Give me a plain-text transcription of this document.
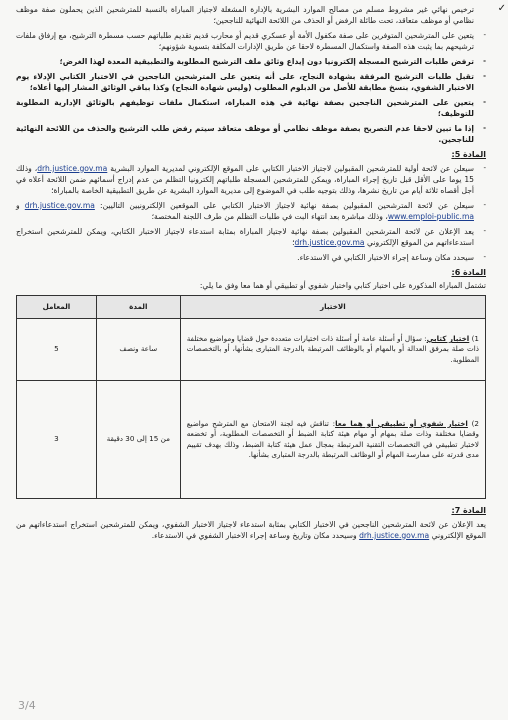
✓

ترخيص نهائي غير مشروط مسلم من مصالح الموارد البشرية بالإدارة المشغلة لاجتياز المباراة بالنسبة للمترشحين الذين يحملون صفة موظف نظامي أو موظف متعاقد، تحت طائلة الرفض أو الحذف من اللائحة النهائية للناجحين؛

-
يتعين على المترشحين المتوفرين على صفة مكفول الأمة أو عسكري قديم أو محارب قديم تقديم طلباتهم حسب مسطرة الترشيح، مع إرفاق ملفات ترشيحهم بما يثبت هذه الصفة واستكمال المسطرة لاحقا عن طريق الإدارات المكلفة بتسوية شؤونهم؛
-
ترفض طلبات الترشيح المسجلة إلكترونيا دون إيداع وثائق ملف الترشيح المطلوبة والتطبيقية المعدة لهذا الغرض؛
-
تقبل طلبات الترشيح المرفقة بشهادة النجاح، على أنه يتعين على المترشحين الناجحين في الاختبار الكتابي الإدلاء يوم الاختبار الشفوي، بنسخ مطابقة للأصل من الدبلوم المطلوب (وليس شهادة النجاح) وكذا بباقي الوثائق المشار إليها أعلاه؛
-
يتعين على المترشحين الناجحين بصفة نهائية في هذه المباراة، استكمال ملفات توظيفهم بالوثائق الإدارية المطلوبة للتوظيف؛
-
إذا ما تبين لاحقا عدم التصريح بصفة موظف نظامي أو موظف متعاقد سيتم رفض طلب الترشيح والحذف من اللائحة النهائية للناجحين.
المادة 5:
-
سيعلن عن لائحة أولية للمترشحين المقبولين لاجتياز الاختبار الكتابي على الموقع الإلكتروني لمديرية الموارد البشرية drh.justice.gov.ma، وذلك 15 يوما على الأقل قبل تاريخ إجراء المباراة، ويمكن للمترشحين المسجلة طلباتهم إلكترونيا التظلم من عدم إدراج أسمائهم ضمن اللائحة أعلاه في أجل أقصاه ثلاثة أيام من تاريخ نشرها، وذلك بتوجيه طلب في الموضوع إلى مديرية الموارد البشرية عن طريق التطبيقية الخاصة بالمباراة؛
-
سيعلن عن لائحة المترشحين المقبولين بصفة نهائية لاجتياز الاختبار الكتابي على الموقعين الإلكترونيين التاليين: drh.justice.gov.ma و www.emploi-public.ma، وذلك مباشرة بعد انتهاء البت في طلبات التظلم من طرف اللجنة المختصة؛
-
يعد الإعلان عن لائحة المترشحين المقبولين بصفة نهائية لاجتياز المباراة بمثابة استدعاء لاجتياز الاختبار الكتابي، ويمكن للمترشحين استخراج استدعاءاتهم من الموقع الإلكتروني drh.justice.gov.ma؛
-
سيحدد مكان وساعة إجراء الاختبار الكتابي في الاستدعاء.
المادة 6:

تشتمل المباراة المذكورة على اختبار كتابي واختبار شفوي أو تطبيقي أو هما معا وفق ما يلي:

الاختبار	المدة	المعامل
1) اختبار كتابي: سؤال أو أسئلة عامة أو أسئلة ذات اختيارات متعددة حول قضايا ومواضيع مختلفة ذات صلة بمرفق العدالة أو بالمهام أو بالوظائف المرتبطة بالدرجة المتبارى بشأنها، أو بالتخصصات المطلوبة.	ساعة ونصف	5
2) اختبار شفوي أو تطبيقي أو هما معا: تناقش فيه لجنة الامتحان مع المترشح مواضيع وقضايا مختلفة وذات صلة بمهام أو مهام هيئة كتابة الضبط أو التخصصات المطلوبة، أو تخضعه لاختبار تطبيقي في التخصصات التقنية المرتبطة بمجال عمل هيئة كتابة الضبط، وذلك بهدف تقييم مدى قدرته على ممارسة المهام أو الوظائف المرتبطة بالدرجة المتبارى بشأنها.	من 15 إلى 30 دقيقة	3
المادة 7:

يعد الإعلان عن لائحة المترشحين الناجحين في الاختبار الكتابي بمثابة استدعاء لاجتياز الاختبار الشفوي، ويمكن للمترشحين استخراج استدعاءاتهم من الموقع الإلكتروني drh.justice.gov.ma وسيحدد مكان وتاريخ وساعة إجراء الاختبار الشفوي في الاستدعاء.

3/4
